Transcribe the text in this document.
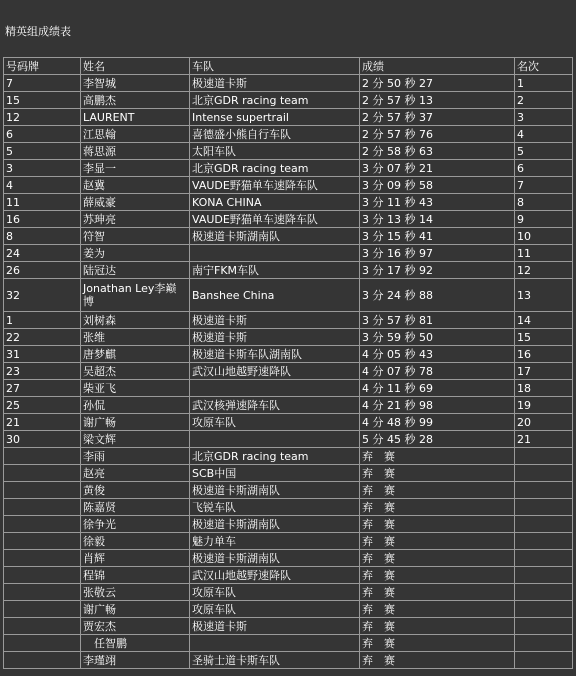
精英组成绩表
号码牌	姓名	车队	成绩	名次
7	李智城	极速道卡斯	2 分 50 秒 27	1
15	高鹏杰	北京GDR racing team	2 分 57 秒 13	2
12	LAURENT	Intense supertrail	2 分 57 秒 37	3
6	江思翰	喜德盛小熊自行车队	2 分 57 秒 76	4
5	蒋思源	太阳车队	2 分 58 秒 63	5
3	李显一	北京GDR racing team	3 分 07 秒 21	6
4	赵冀	VAUDE野猫单车速降车队	3 分 09 秒 58	7
11	薛威豪	KONA CHINA	3 分 11 秒 43	8
16	苏珅亮	VAUDE野猫单车速降车队	3 分 13 秒 14	9
8	符智	极速道卡斯湖南队	3 分 15 秒 41	10
24	姜为		3 分 16 秒 97	11
26	陆冠达	南宁FKM车队	3 分 17 秒 92	12
32	Jonathan Ley李巅博	Banshee China	3 分 24 秒 88	13
1	刘树森	极速道卡斯	3 分 57 秒 81	14
22	张维	极速道卡斯	3 分 59 秒 50	15
31	唐梦麒	极速道卡斯车队湖南队	4 分 05 秒 43	16
23	吴超杰	武汉山地越野速降队	4 分 07 秒 78	17
27	柴亚飞		4 分 11 秒 69	18
25	孙侃	武汉核弹速降车队	4 分 21 秒 98	19
21	谢广畅	攻原车队	4 分 48 秒 99	20
30	梁文辉		5 分 45 秒 28	21
	李雨	北京GDR racing team	弃　赛	
	赵亮	SCB中国	弃　赛	
	黄俊	极速道卡斯湖南队	弃　赛	
	陈嘉贤	飞锐车队	弃　赛	
	徐争光	极速道卡斯湖南队	弃　赛	
	徐毅	魅力单车	弃　赛	
	肖辉	极速道卡斯湖南队	弃　赛	
	程锦	武汉山地越野速降队	弃　赛	
	张敬云	攻原车队	弃　赛	
	谢广畅	攻原车队	弃　赛	
	贾宏杰	极速道卡斯	弃　赛	
	　任智鹏		弃　赛	
	李瑾翊	圣骑士道卡斯车队	弃　赛	
